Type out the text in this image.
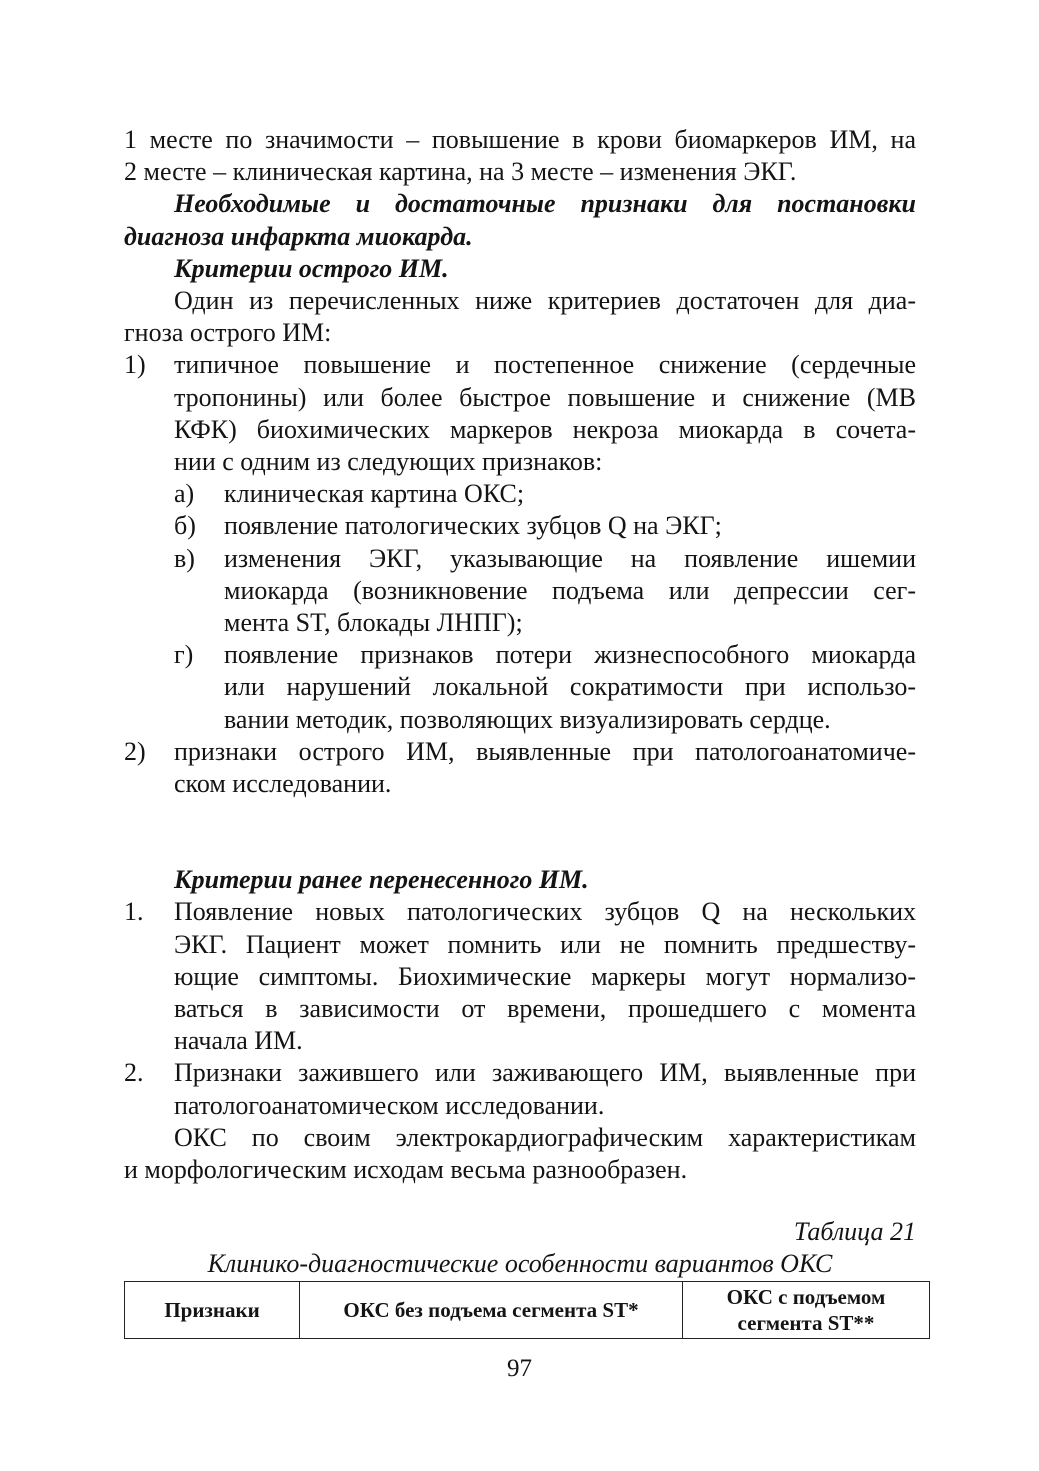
1 месте по значимости – повышение в крови биомаркеров ИМ, на
2 месте – клиническая картина, на 3 месте – изменения ЭКГ.
Необходимые и достаточные признаки для постановки
диагноза инфаркта миокарда.
Критерии острого ИМ.
Один из перечисленных ниже критериев достаточен для диа-
гноза острого ИМ:
1) типичное повышение и постепенное снижение (сердечные
тропонины) или более быстрое повышение и снижение (МВ
КФК) биохимических маркеров некроза миокарда в сочета-
нии с одним из следующих признаков:
а) клиническая картина ОКС;
б) появление патологических зубцов Q на ЭКГ;
в) изменения ЭКГ, указывающие на появление ишемии
миокарда (возникновение подъема или депрессии сег-
мента ST, блокады ЛНПГ);
г) появление признаков потери жизнеспособного миокарда
или нарушений локальной сократимости при использо-
вании методик, позволяющих визуализировать сердце.
2) признаки острого ИМ, выявленные при патологоанатомиче-
ском исследовании.
Критерии ранее перенесенного ИМ.
1. Появление новых патологических зубцов Q на нескольких
ЭКГ. Пациент может помнить или не помнить предшеству-
ющие симптомы. Биохимические маркеры могут нормализо-
ваться в зависимости от времени, прошедшего с момента
начала ИМ.
2. Признаки зажившего или заживающего ИМ, выявленные при
патологоанатомическом исследовании.
ОКС по своим электрокардиографическим характеристикам
и морфологическим исходам весьма разнообразен.
Таблица 21
Клинико-диагностические особенности вариантов ОКС
Признаки	ОКС без подъема сегмента ST*	ОКС с подъемом сегмента ST**
97
